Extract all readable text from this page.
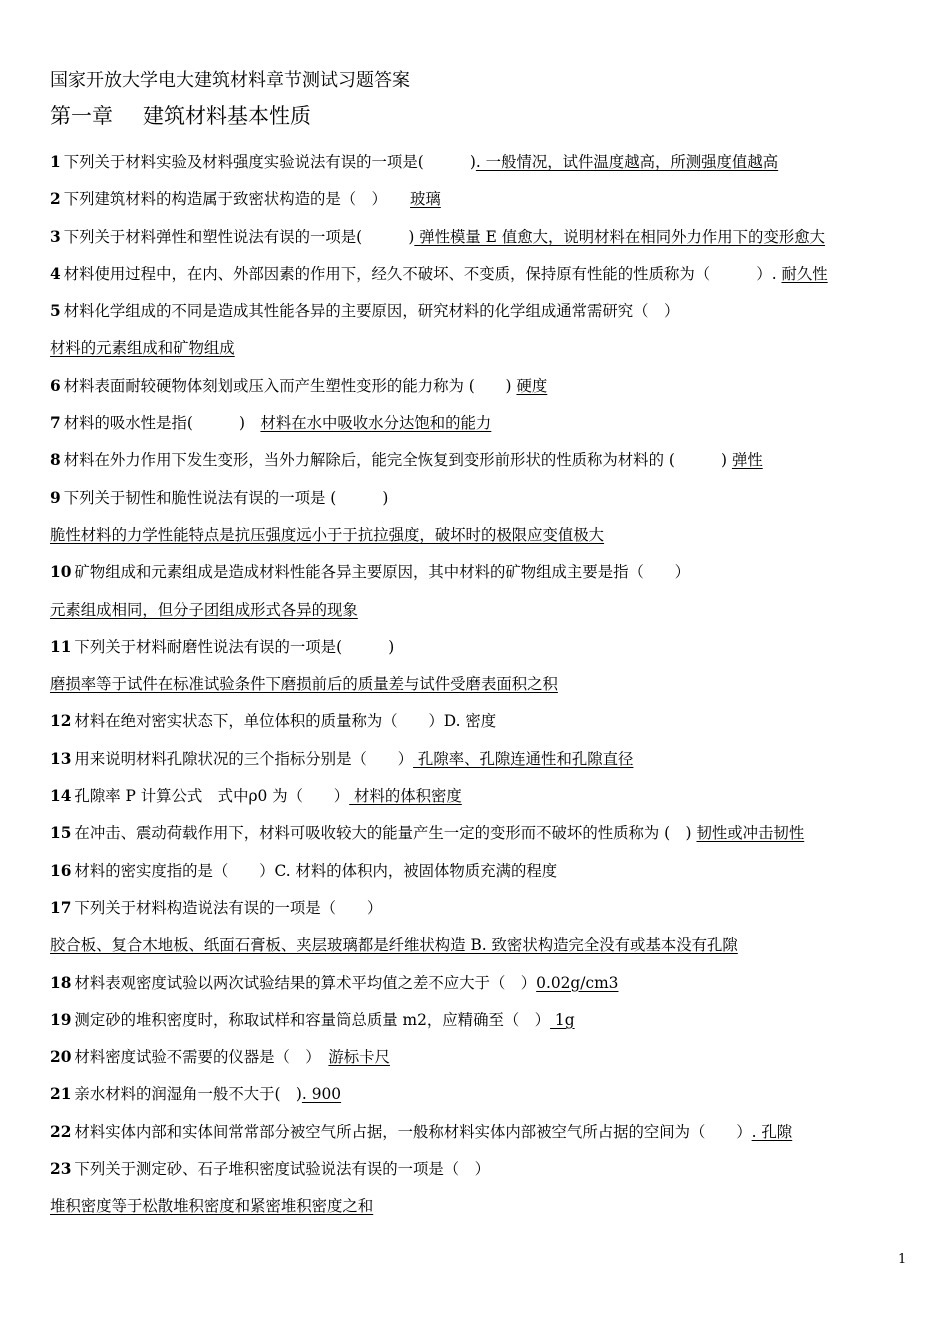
国家开放大学电大建筑材料章节测试习题答案
第一章 建筑材料基本性质
1 下列关于材料实验及材料强度实验说法有误的一项是(　　　). 一般情况，试件温度越高，所测强度值越高
2 下列建筑材料的构造属于致密状构造的是（　）　　 玻璃
3 下列关于材料弹性和塑性说法有误的一项是(　　　) 弹性模量 E 值愈大，说明材料在相同外力作用下的变形愈大
4 材料使用过程中，在内、外部因素的作用下，经久不破坏、不变质，保持原有性能的性质称为（　　　）. 耐久性
5 材料化学组成的不同是造成其性能各异的主要原因，研究材料的化学组成通常需研究（　）
材料的元素组成和矿物组成
6 材料表面耐较硬物体刻划或压入而产生塑性变形的能力称为 (　　) 硬度
7 材料的吸水性是指(　　　)　 材料在水中吸收水分达饱和的能力
8 材料在外力作用下发生变形，当外力解除后，能完全恢复到变形前形状的性质称为材料的 (　　　) 弹性
9 下列关于韧性和脆性说法有误的一项是 (　　　)
脆性材料的力学性能特点是抗压强度远小于于抗拉强度，破坏时的极限应变值极大
10 矿物组成和元素组成是造成材料性能各异主要原因，其中材料的矿物组成主要是指（　　）
元素组成相同，但分子团组成形式各异的现象
11 下列关于材料耐磨性说法有误的一项是(　　　)
磨损率等于试件在标准试验条件下磨损前后的质量差与试件受磨表面积之积
12 材料在绝对密实状态下，单位体积的质量称为（　　）D. 密度
13 用来说明材料孔隙状况的三个指标分别是（　　） 孔隙率、孔隙连通性和孔隙直径
14 孔隙率 P 计算公式　式中ρ0 为（　　） 材料的体积密度
15 在冲击、震动荷载作用下，材料可吸收较大的能量产生一定的变形而不破坏的性质称为 (　) 韧性或冲击韧性
16 材料的密实度指的是（　　）C. 材料的体积内，被固体物质充满的程度
17 下列关于材料构造说法有误的一项是（　　）
胶合板、复合木地板、纸面石膏板、夹层玻璃都是纤维状构造 B. 致密状构造完全没有或基本没有孔隙
18 材料表观密度试验以两次试验结果的算术平均值之差不应大于（　）0.02g/cm3
19 测定砂的堆积密度时，称取试样和容量筒总质量 m2，应精确至（　） 1g
20 材料密度试验不需要的仪器是（　）　 游标卡尺
21 亲水材料的润湿角一般不大于(　). 900
22 材料实体内部和实体间常常部分被空气所占据，一般称材料实体内部被空气所占据的空间为（　　）. 孔隙
23 下列关于测定砂、石子堆积密度试验说法有误的一项是（　）
堆积密度等于松散堆积密度和紧密堆积密度之和
1
